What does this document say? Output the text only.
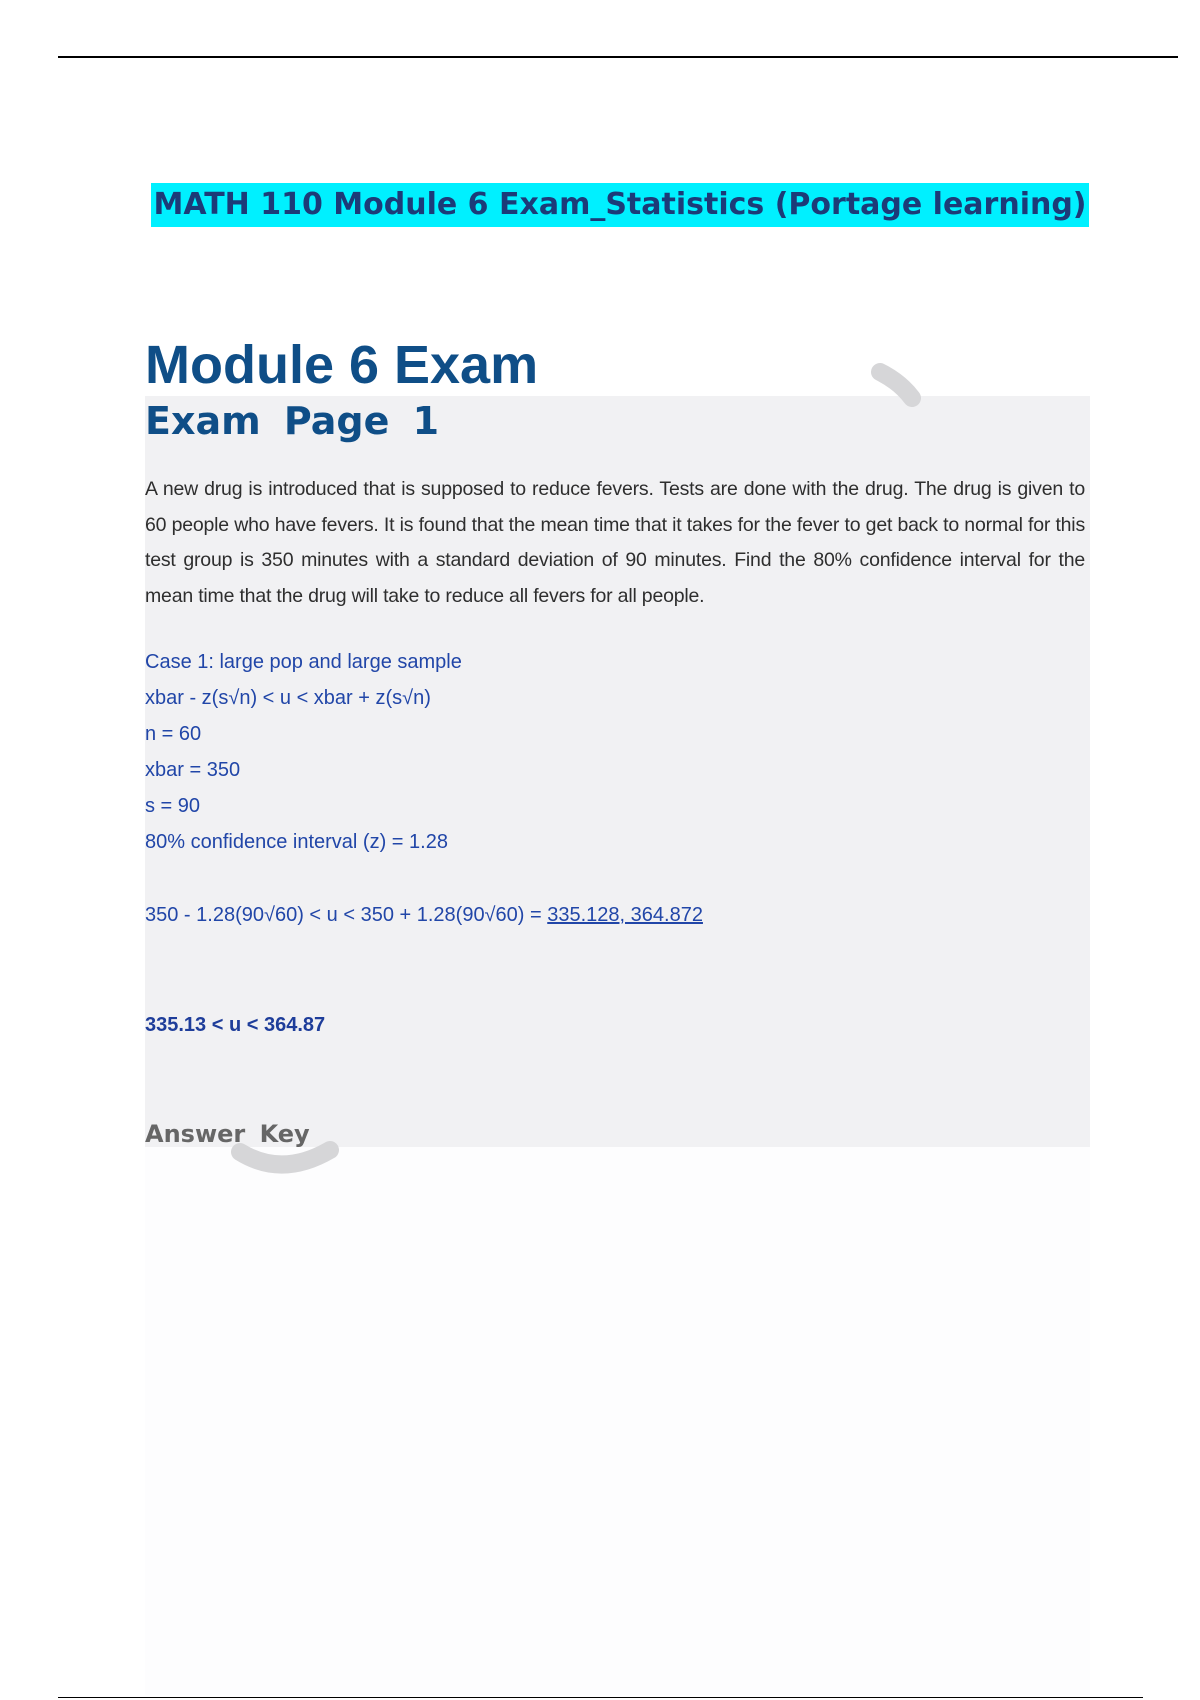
MATH 110 Module 6 Exam_Statistics (Portage learning)
Module 6 Exam
Exam Page 1

A new drug is introduced that is supposed to reduce fevers. Tests are done with the drug. The drug is given to 60 people who have fevers. It is found that the mean time that it takes for the fever to get back to normal for this test group is 350 minutes with a standard deviation of 90 minutes. Find the 80% confidence interval for the mean time that the drug will take to reduce all fevers for all people.

Case 1: large pop and large sample

xbar - z(s√n) < u < xbar + z(s√n)

n = 60

xbar = 350

s = 90

80% confidence interval (z) = 1.28

350 - 1.28(90√60) < u < 350 + 1.28(90√60) = 335.128, 364.872

335.13 < u < 364.87

Answer Key
